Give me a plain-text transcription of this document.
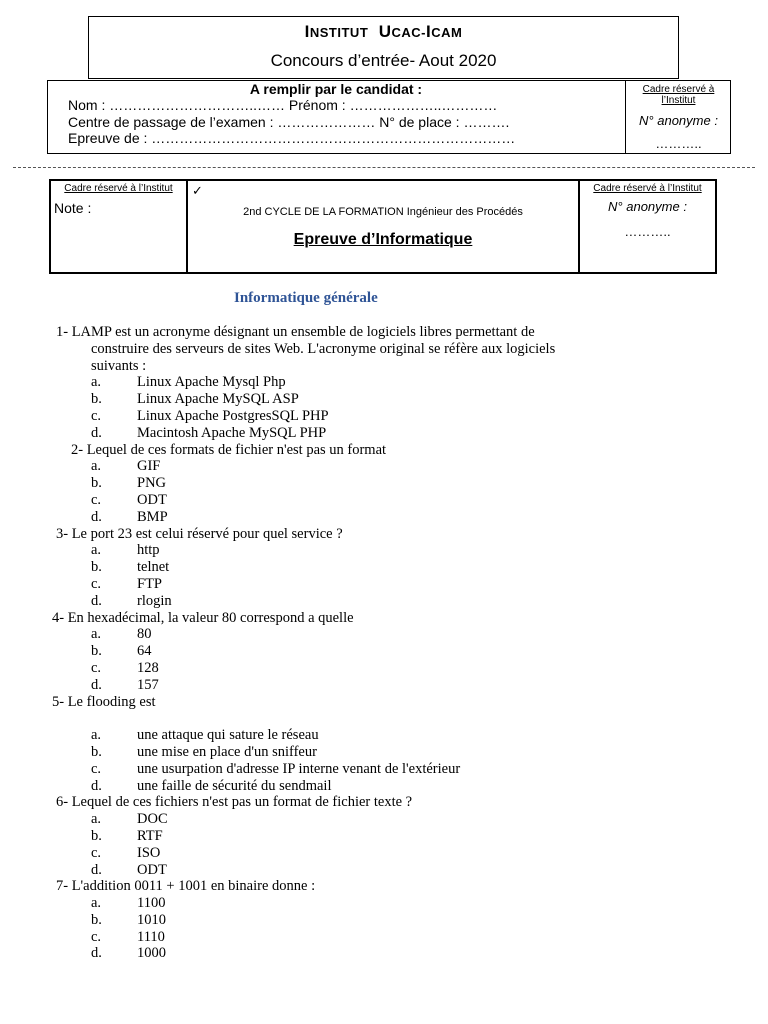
INSTITUT UCAC-ICAM
Concours d’entrée- Aout 2020
A remplir par le candidat :
Nom : …………………………..…… Prénom : ………………..…………
Centre de passage de l’examen : ………………… N° de place : ……….
Epreuve de : ……………………………………………………………………
Cadre réservé à l’Institut
N° anonyme :
………..
Cadre réservé à l’Institut
Note :
✓
2nd CYCLE DE LA FORMATION Ingénieur des Procédés
Epreuve d’Informatique
Cadre réservé à l’Institut
N° anonyme :
………..
Informatique générale
1- LAMP est un acronyme désignant un ensemble de logiciels libres permettant de
construire des serveurs de sites Web. L'acronyme original se réfère aux logiciels
suivants :
a. Linux Apache Mysql Php
b. Linux Apache MySQL ASP
c. Linux Apache PostgresSQL PHP
d. Macintosh Apache MySQL PHP
2- Lequel de ces formats de fichier n'est pas un format
a. GIF
b. PNG
c. ODT
d. BMP
3- Le port 23 est celui réservé pour quel service ?
a. http
b. telnet
c. FTP
d. rlogin
4- En hexadécimal, la valeur 80 correspond a quelle
a. 80
b. 64
c. 128
d. 157
5- Le flooding est
a. une attaque qui sature le réseau
b. une mise en place d'un sniffeur
c. une usurpation d'adresse IP interne venant de l'extérieur
d. une faille de sécurité du sendmail
6- Lequel de ces fichiers n'est pas un format de fichier texte ?
a. DOC
b. RTF
c. ISO
d. ODT
7- L'addition 0011 + 1001 en binaire donne :
a. 1100
b. 1010
c. 1110
d. 1000
